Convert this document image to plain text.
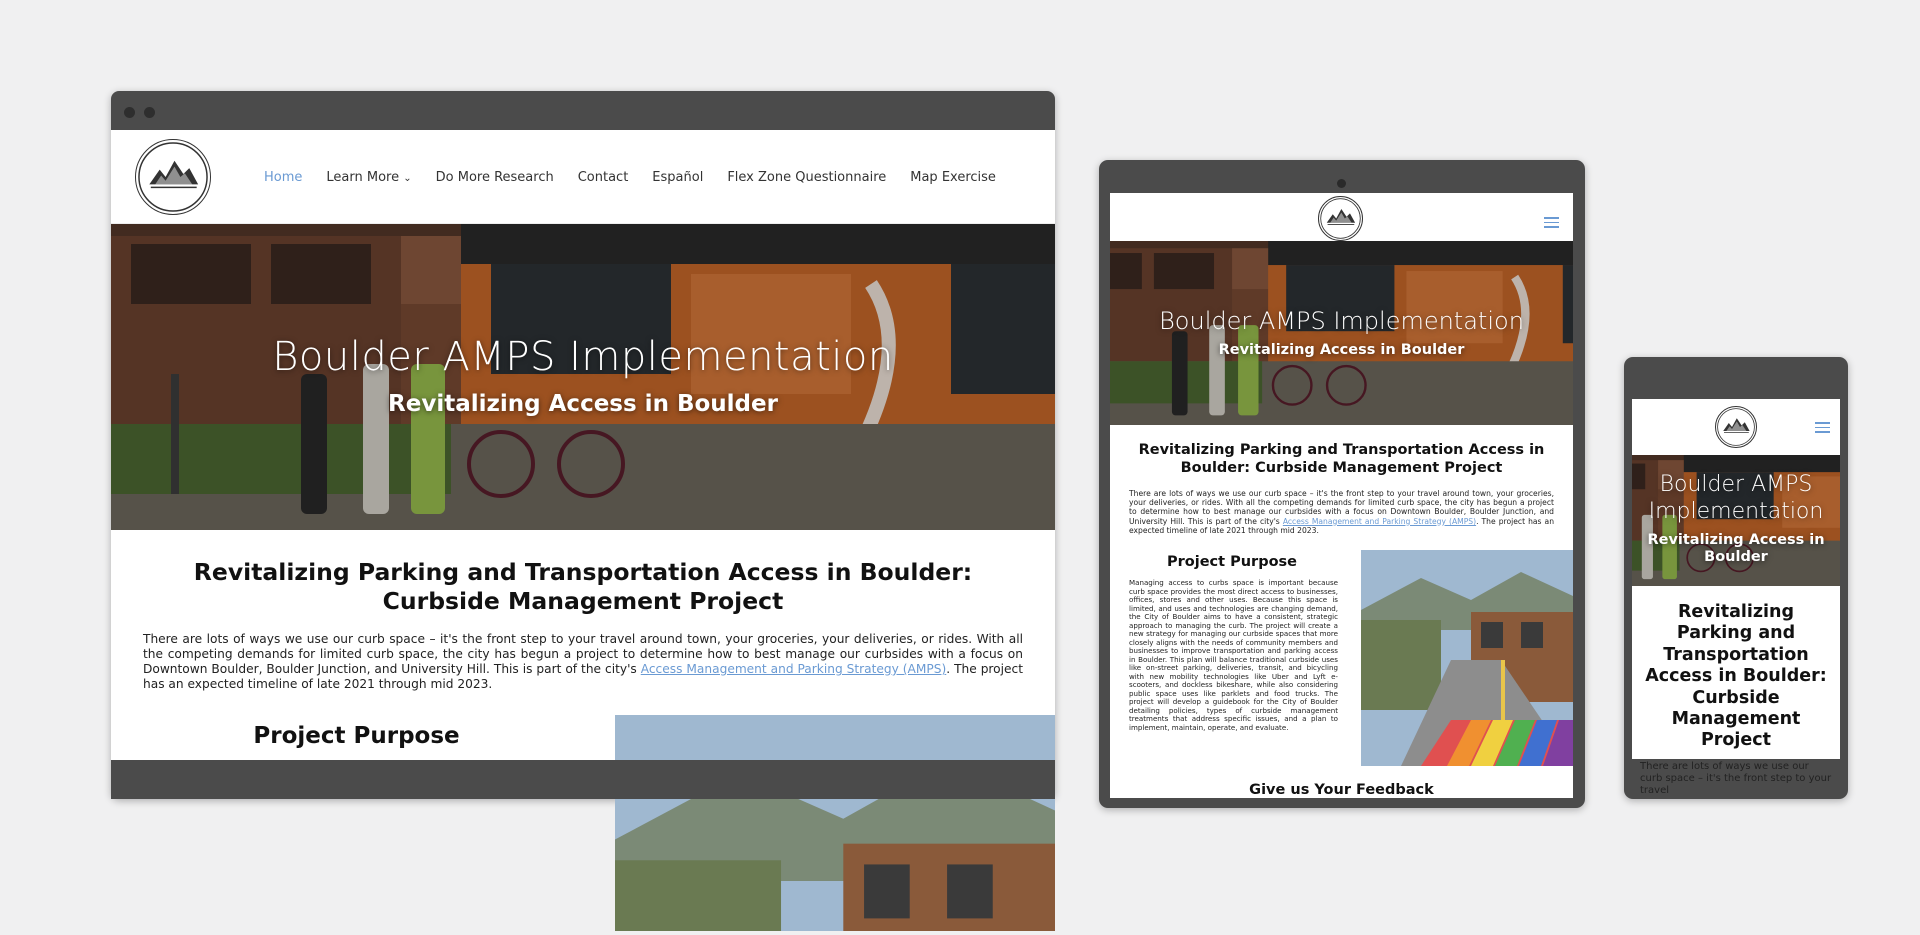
Home Learn More ⌄ Do More Research Contact Español Flex Zone Questionnaire Map Exercise
Boulder AMPS Implementation
Revitalizing Access in Boulder
Revitalizing Parking and Transportation Access in Boulder: Curbside Management Project

There are lots of ways we use our curb space – it's the front step to your travel around town, your groceries, your deliveries, or rides. With all the competing demands for limited curb space, the city has begun a project to determine how to best manage our curbsides with a focus on Downtown Boulder, Boulder Junction, and University Hill. This is part of the city's Access Management and Parking Strategy (AMPS). The project has an expected timeline of late 2021 through mid 2023.

Project Purpose
Boulder AMPS Implementation
Revitalizing Access in Boulder
Revitalizing Parking and Transportation Access in Boulder: Curbside Management Project

There are lots of ways we use our curb space – it's the front step to your travel around town, your groceries, your deliveries, or rides. With all the competing demands for limited curb space, the city has begun a project to determine how to best manage our curbsides with a focus on Downtown Boulder, Boulder Junction, and University Hill. This is part of the city's Access Management and Parking Strategy (AMPS). The project has an expected timeline of late 2021 through mid 2023.

Project Purpose

Managing access to curbs space is important because curb space provides the most direct access to businesses, offices, stores and other uses. Because this space is limited, and uses and technologies are changing demand, the City of Boulder aims to have a consistent, strategic approach to managing the curb. The project will create a new strategy for managing our curbside spaces that more closely aligns with the needs of community members and businesses to improve transportation and parking access in Boulder. This plan will balance traditional curbside uses like on-street parking, deliveries, transit, and bicycling with new mobility technologies like Uber and Lyft e-scooters, and dockless bikeshare, while also considering public space uses like parklets and food trucks. The project will develop a guidebook for the City of Boulder detailing policies, types of curbside management treatments that address specific issues, and a plan to implement, maintain, operate, and evaluate.

Give us Your Feedback
Boulder AMPS Implementation
Revitalizing Access in Boulder
Revitalizing Parking and Transportation Access in Boulder: Curbside Management Project

There are lots of ways we use our curb space – it's the front step to your travel
